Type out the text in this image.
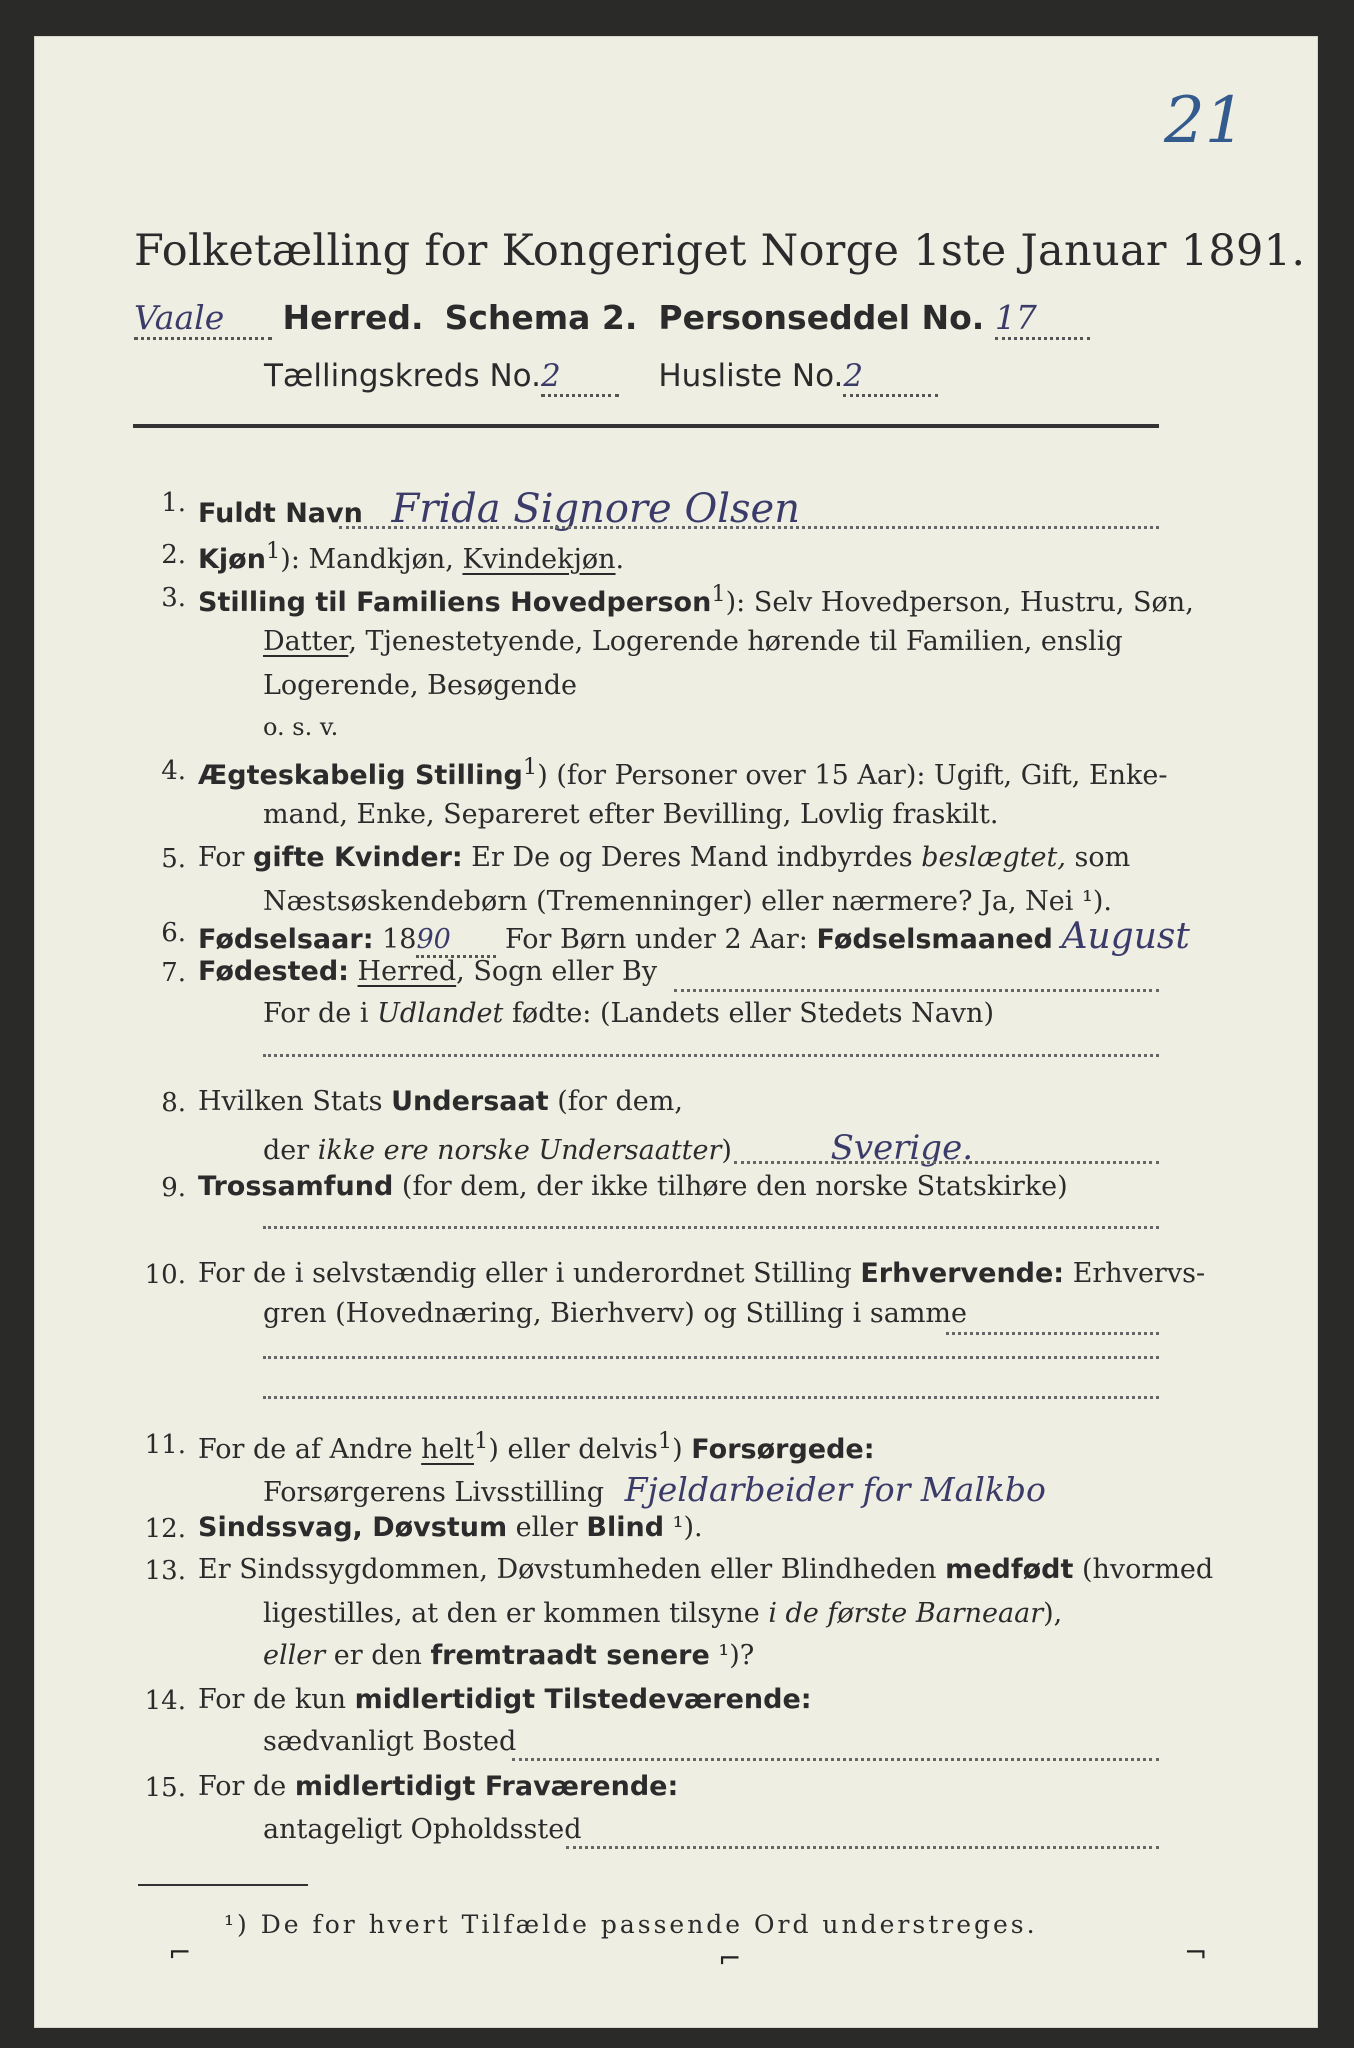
21
Folketælling for Kongeriget Norge 1ste Januar 1891.
Vaale Herred. Schema 2. Personseddel No. 17
Tællingskreds No.2	Husliste No.2
1. Fuldt Navn Frida Signore Olsen
2. Kjøn$^1$): Mandkjøn, Kvindekjøn.
3. Stilling til Familiens Hovedperson$^1$): Selv Hovedperson, Hustru, Søn,
Datter, Tjenestetyende, Logerende hørende til Familien, enslig
Logerende, Besøgende
o. s. v.
4. Ægteskabelig Stilling$^1$) (for Personer over 15 Aar): Ugift, Gift, Enke-
mand, Enke, Separeret efter Bevilling, Lovlig fraskilt.
5. For gifte Kvinder: Er De og Deres Mand indbyrdes beslægtet, som
Næstsøskendebørn (Tremenninger) eller nærmere? Ja, Nei ¹).
6. Fødselsaar: 1890 For Børn under 2 Aar: Fødselsmaaned August
7. Fødested: Herred, Sogn eller By
For de i Udlandet fødte: (Landets eller Stedets Navn)
8. Hvilken Stats Undersaat (for dem,
der ikke ere norske Undersaatter)	Sverige.
9. Trossamfund (for dem, der ikke tilhøre den norske Statskirke)
10. For de i selvstændig eller i underordnet Stilling Erhvervende: Erhvervs-
gren (Hovednæring, Bierhverv) og Stilling i samme
11. For de af Andre helt$^1$) eller delvis$^1$) Forsørgede:
Forsørgerens Livsstilling Fjeldarbeider for Malkbo
12. Sindssvag, Døvstum eller Blind ¹).
13. Er Sindssygdommen, Døvstumheden eller Blindheden medfødt (hvormed
ligestilles, at den er kommen tilsyne i de første Barneaar),
eller er den fremtraadt senere ¹)?
14. For de kun midlertidigt Tilstedeværende:
sædvanligt Bosted
15. For de midlertidigt Fraværende:
antageligt Opholdssted
¹) De for hvert Tilfælde passende Ord understreges.
⌐	⌐	¬
